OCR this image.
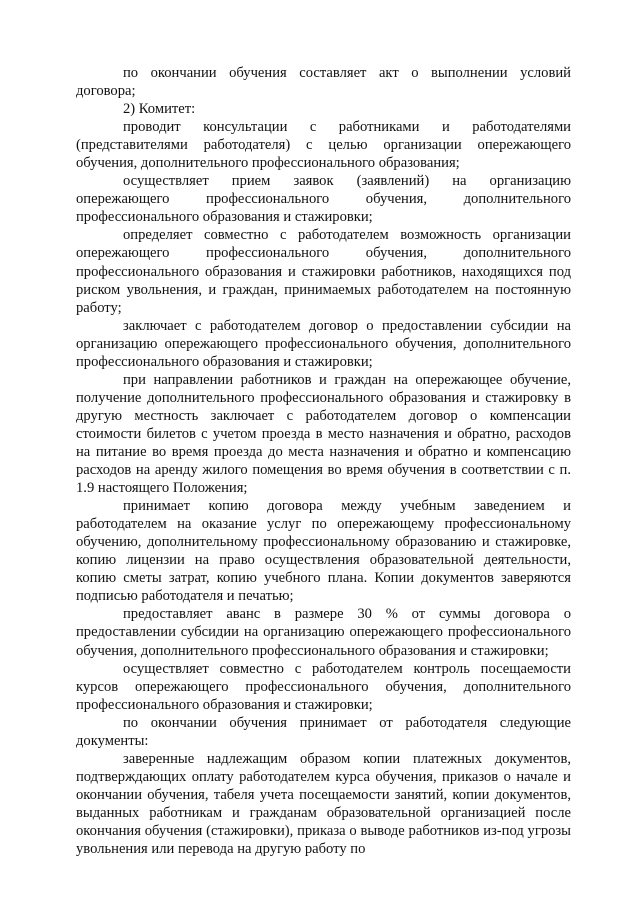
по окончании обучения составляет акт о выполнении условий договора;

2) Комитет:

проводит консультации с работниками и работодателями (представителями работодателя) с целью организации опережающего обучения, дополнительного профессионального образования;

осуществляет прием заявок (заявлений) на организацию опережающего профессионального обучения, дополнительного профессионального образования и стажировки;

определяет совместно с работодателем возможность организации опережающего профессионального обучения, дополнительного профессионального образования и стажировки работников, находящихся под риском увольнения, и граждан, принимаемых работодателем на постоянную работу;

заключает с работодателем договор о предоставлении субсидии на организацию опережающего профессионального обучения, дополнительного профессионального образования и стажировки;

при направлении работников и граждан на опережающее обучение, получение дополнительного профессионального образования и стажировку в другую местность заключает с работодателем договор о компенсации стоимости билетов с учетом проезда в место назначения и обратно, расходов на питание во время проезда до места назначения и обратно и компенсацию расходов на аренду жилого помещения во время обучения в соответствии с п. 1.9 настоящего Положения;

принимает копию договора между учебным заведением и работодателем на оказание услуг по опережающему профессиональному обучению, дополнительному профессиональному образованию и стажировке, копию лицензии на право осуществления образовательной деятельности, копию сметы затрат, копию учебного плана. Копии документов заверяются подписью работодателя и печатью;

предоставляет аванс в размере 30 % от суммы договора о предоставлении субсидии на организацию опережающего профессионального обучения, дополнительного профессионального образования и стажировки;

осуществляет совместно с работодателем контроль посещаемости курсов опережающего профессионального обучения, дополнительного профессионального образования и стажировки;

по окончании обучения принимает от работодателя следующие документы:

заверенные надлежащим образом копии платежных документов, подтверждающих оплату работодателем курса обучения, приказов о начале и окончании обучения, табеля учета посещаемости занятий, копии документов, выданных работникам и гражданам образовательной организацией после окончания обучения (стажировки), приказа о выводе работников из-под угрозы увольнения или перевода на другую работу по
